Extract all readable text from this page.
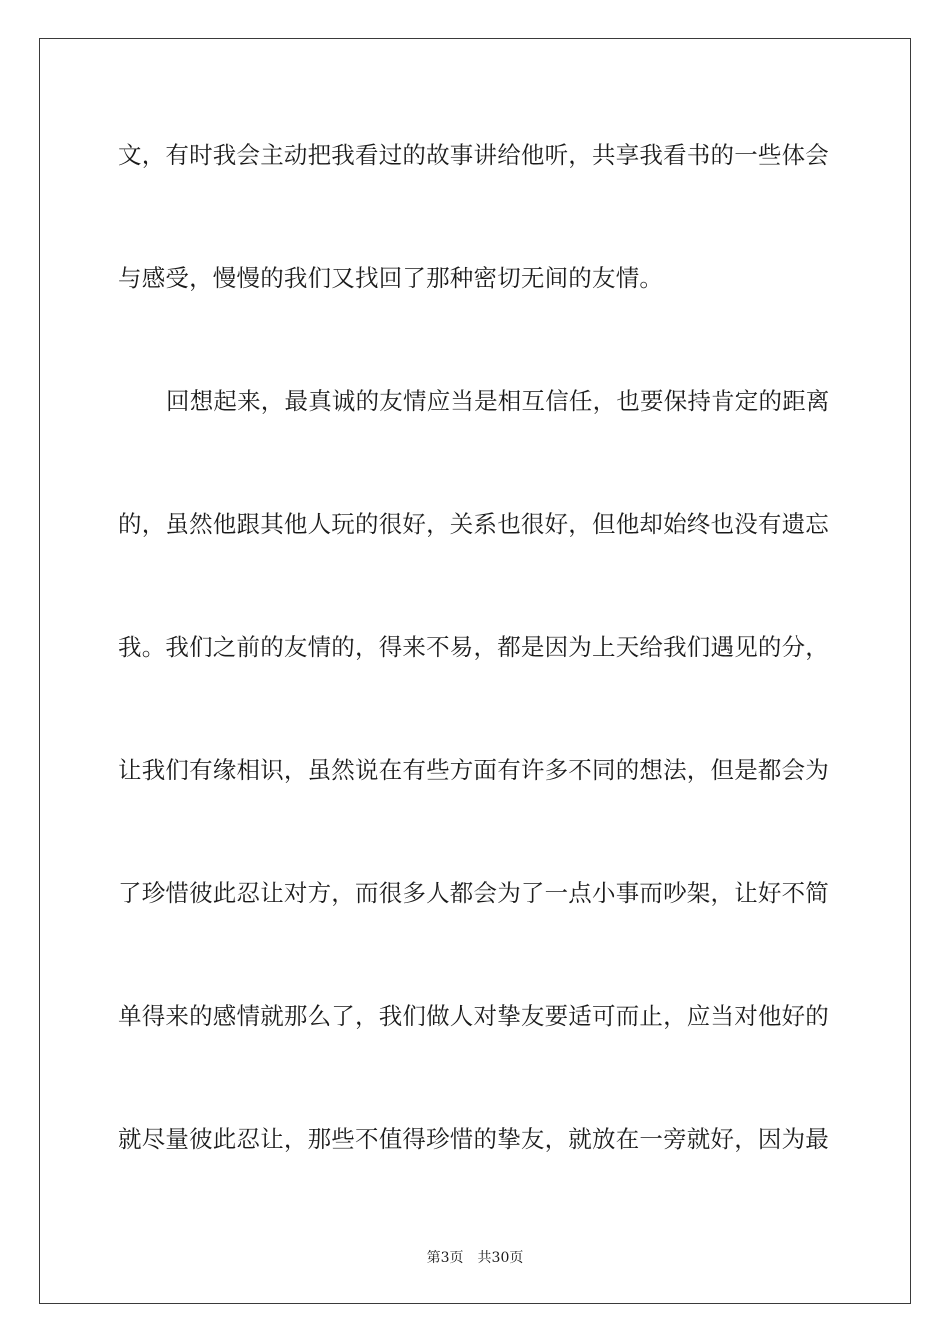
文，有时我会主动把我看过的故事讲给他听，共享我看书的一些体会
与感受，慢慢的我们又找回了那种密切无间的友情。
回想起来，最真诚的友情应当是相互信任，也要保持肯定的距离
的，虽然他跟其他人玩的很好，关系也很好，但他却始终也没有遗忘
我。我们之前的友情的，得来不易，都是因为上天给我们遇见的分，
让我们有缘相识，虽然说在有些方面有许多不同的想法，但是都会为
了珍惜彼此忍让对方，而很多人都会为了一点小事而吵架，让好不简
单得来的感情就那么了，我们做人对挚友要适可而止，应当对他好的
就尽量彼此忍让，那些不值得珍惜的挚友，就放在一旁就好，因为最
第3页 共30页
